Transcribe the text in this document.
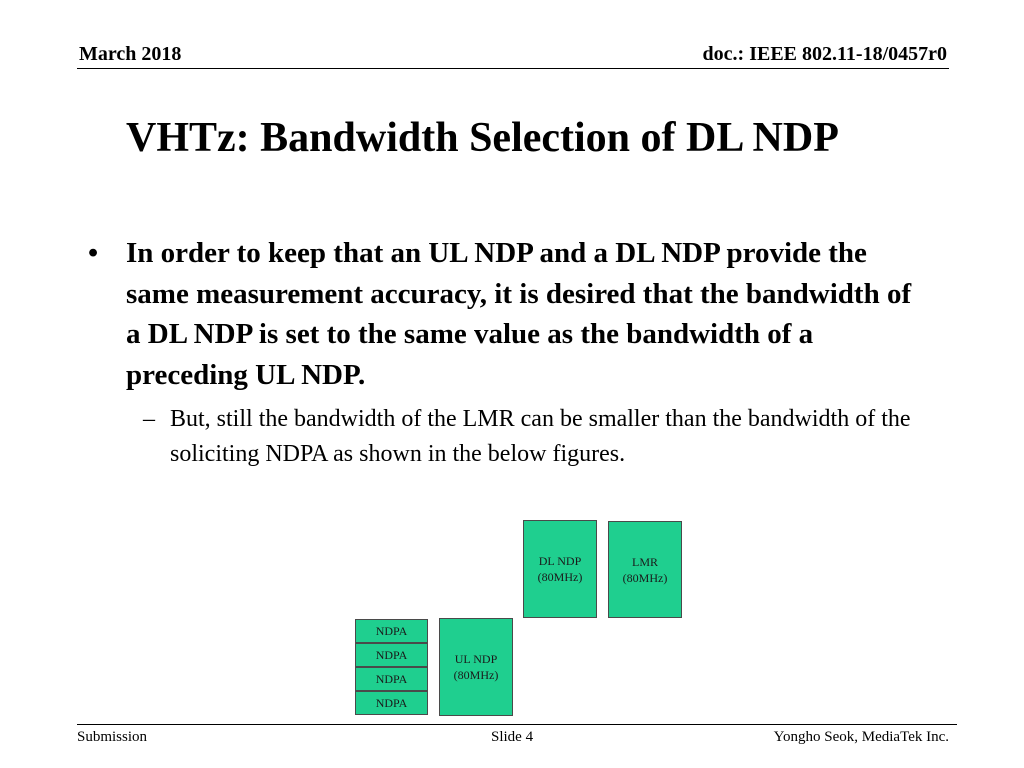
March 2018	doc.: IEEE 802.11-18/0457r0
VHTz: Bandwidth Selection of DL NDP
• In order to keep that an UL NDP and a DL NDP provide the same measurement accuracy, it is desired that the bandwidth of a DL NDP is set to the same value as the bandwidth of a preceding UL NDP.
– But, still the bandwidth of the LMR can be smaller than the bandwidth of the soliciting NDPA as shown in the below figures.
DL NDP
(80MHz)
LMR
(80MHz)
UL NDP
(80MHz)
NDPA
NDPA
NDPA
NDPA
Submission	Slide 4	Yongho Seok, MediaTek Inc.
